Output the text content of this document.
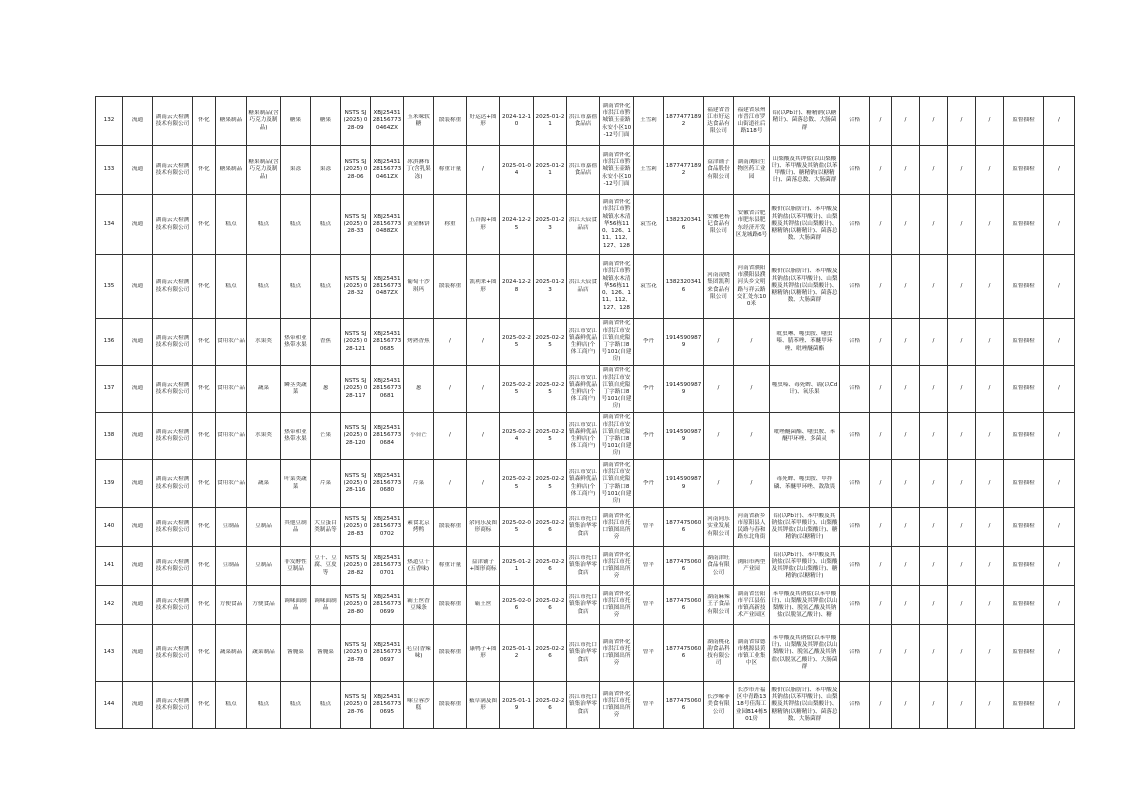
132	流通	湖南云天检测技术有限公司	怀化	糖果制品	糖果制品(含巧克力及制品)	糖果	糖果	NSTS SJ (2025) 028-09	XBJ25431281567730464ZX	玉米味软糖	散装称重	好运达+图形	2024-12-10	2025-01-21	洪江市嘉禧食品店	湖南省怀化市洪江市黔城镇玉壶路永安小区10-12号门面	王雪莉	18774771892	福建省晋江市好运达食品有限公司	福建省泉州市晋江市罗山街道社后路118号	铅(以Pb计)、糖精钠(以糖精计)、菌落总数、大肠菌群	合格	/	/	/	/	/	监督抽检	/

133	流通	湖南云天检测技术有限公司	怀化	糖果制品	糖果制品(含巧克力及制品)	果冻	果冻	NSTS SJ (2025) 028-06	XBJ25431281567730461ZX	冰淇淋布丁(含乳果冻)	称重计量	/	2025-01-04	2025-01-21	洪江市嘉禧食品店	湖南省怀化市洪江市黔城镇玉壶路永安小区10-12号门面	王雪莉	18774771892	益津铺子食品股份有限公司	湖南浏阳生物医药工业园	山梨酸及其钾盐(以山梨酸计)、苯甲酸及其钠盐(以苯甲酸计)、糖精钠(以糖精计)、菌落总数、大肠菌群	合格	/	/	/	/	/	监督抽检	/

134	流通	湖南云天检测技术有限公司	怀化	糕点	糕点	糕点	糕点	NSTS SJ (2025) 028-33	XBJ25431281567730488ZX	黄金酥饼	称重	五谷源+图形	2024-12-25	2025-01-23	洪江天辰食品店	湖南省怀化市洪江市黔城镇水木清华56栋110、126、111、112、127、128	袁雪花	13823203416	安徽老杨记食品有限公司	安徽省合肥市肥东县肥东经济开发区龙城路6号	酸价(以脂肪计)、苯甲酸及其钠盐(以苯甲酸计)、山梨酸及其钾盐(以山梨酸计)、糖精钠(以糖精计)、菌落总数、大肠菌群	合格	/	/	/	/	/	监督抽检	/

135	流通	湖南云天检测技术有限公司	怀化	糕点	糕点	糕点	糕点	NSTS SJ (2025) 028-32	XBJ25431281567730487ZX	葡萄干沙琪玛	散装称重	凯利来+图形	2024-12-28	2025-01-23	洪江天辰食品店	湖南省怀化市洪江市黔城镇水木清华56栋110、126、111、112、127、128	袁雪花	13823203416	河南凌晓集团凯利来食品有限公司	河南省濮阳市濮阳县濮河头乡文明路与祥云路交汇处东100米	酸价(以脂肪计)、苯甲酸及其钠盐(以苯甲酸计)、山梨酸及其钾盐(以山梨酸计)、糖精钠(以糖精计)、菌落总数、大肠菌群	合格	/	/	/	/	/	监督抽检	/

136	流通	湖南云天检测技术有限公司	怀化	食用农产品	水果类	热带和亚热带水果	香蕉	NSTS SJ (2025) 028-121	XBJ25431281567730685	烤熟香蕉	/	/	2025-02-25	2025-02-25	洪江市安江镇森鲜优品生鲜店(个体工商户)	湖南省怀化市洪江市安江镇自虎隘丁字路口8号101(自建房)	李丹	19145909879	/	/	吡虫啉、噻虫胺、噻虫嗪、腈苯唑、苯醚甲环唑、吡唑醚菌酯	合格	/	/	/	/	/	监督抽检	/

137	流通	湖南云天检测技术有限公司	怀化	食用农产品	蔬菜	鳞茎类蔬菜	葱	NSTS SJ (2025) 028-117	XBJ25431281567730681	葱	/	/	2025-02-25	2025-02-25	洪江市安江镇森鲜优品生鲜店(个体工商户)	湖南省怀化市洪江市安江镇自虎隘丁字路口8号101(自建房)	李丹	19145909879	/	/	噻虫嗪、毒死蜱、镉(以Cd计)、氧乐果	合格	/	/	/	/	/	监督抽检	/

138	流通	湖南云天检测技术有限公司	怀化	食用农产品	水果类	热带和亚热带水果	芒果	NSTS SJ (2025) 028-120	XBJ25431281567730684	小台芒	/	/	2025-02-24	2025-02-25	洪江市安江镇森鲜优品生鲜店(个体工商户)	湖南省怀化市洪江市安江镇自虎隘丁字路口8号101(自建房)	李丹	19145909879	/	/	吡唑醚菌酯、噻虫胺、苯醚甲环唑、多菌灵	合格	/	/	/	/	/	监督抽检	/

139	流通	湖南云天检测技术有限公司	怀化	食用农产品	蔬菜	叶菜类蔬菜	芹菜	NSTS SJ (2025) 028-116	XBJ25431281567730680	芹菜	/	/	2025-02-25	2025-02-25	洪江市安江镇森鲜优品生鲜店(个体工商户)	湖南省怀化市洪江市安江镇自虎隘丁字路口8号101(自建房)	李丹	19145909879	/	/	毒死蜱、噻虫胺、甲拌磷、苯醚甲环唑、敌敌畏	合格	/	/	/	/	/	监督抽检	/

140	流通	湖南云天检测技术有限公司	怀化	豆制品	豆制品	其他豆制品	大豆蛋白类制品等	NSTS SJ (2025) 028-83	XBJ25431281567730702	素食北京烤鸭	散装称重	余同乐及图形商标	2025-02-05	2025-02-26	洪江市托口镇集治华零食店	湖南省怀化市洪江市托口镇图出所旁	曾平	18774750606	河南同乐实业发展有限公司	河南省新乡市原阳县人民路与春和路东北角街	铅(以Pb计)、苯甲酸及其钠盐(以苯甲酸计)、山梨酸及其钾盐(以山梨酸计)、糖精钠(以糖精计)	合格	/	/	/	/	/	监督抽检	/

141	流通	湖南云天检测技术有限公司	怀化	豆制品	豆制品	非发酵性豆制品	豆干、豆腐、豆皮等	NSTS SJ (2025) 028-82	XBJ25431281567730701	热道豆干(五香味)	称重计量	益津铺子+图形商标	2025-01-21	2025-02-26	洪江市托口镇集治华零食店	湖南省怀化市洪江市托口镇图出所旁	曾平	18774750606	湖南津旺食品有限公司	浏阳市两型产业园	铅(以Pb计)、苯甲酸及其钠盐(以苯甲酸计)、山梨酸及其钾盐(以山梨酸计)、糖精钠(以糖精计)	合格	/	/	/	/	/	监督抽检	/

142	流通	湖南云天检测技术有限公司	怀化	方便食品	方便食品	调味面制品	调味面制品	NSTS SJ (2025) 028-80	XBJ25431281567730699	霸王丝香豆辣条	散装称重	霸王丝	2025-02-06	2025-02-26	洪江市托口镇集治华零食店	湖南省怀化市洪江市托口镇图出所旁	曾平	18774750606	湖南麻辣王子食品有限公司	湖南省岳阳市平江县伍市镇高新技术产业园区	苯甲酸及其钠盐(以苯甲酸计)、山梨酸及其钾盐(以山梨酸计)、脱氢乙酸及其钠盐(以脱氢乙酸计)、糖	合格	/	/	/	/	/	监督抽检	/

143	流通	湖南云天检测技术有限公司	怀化	蔬菜制品	蔬菜制品	酱腌菜	酱腌菜	NSTS SJ (2025) 028-78	XBJ25431281567730697	毛豆(香辣味)	散装称重	康鸭子+图形	2025-01-12	2025-02-26	洪江市托口镇集治华零食店	湖南省怀化市洪江市托口镇图出所旁	曾平	18774750606	湖南桃花韵食品科技有限公司	湖南省常德市桃源县黄市镇工业集中区	苯甲酸及其钠盐(以苯甲酸计)、山梨酸及其钾盐(以山梨酸计)、脱氢乙酸及其钠盐(以脱氢乙酸计)、大肠菌群	合格	/	/	/	/	/	监督抽检	/

144	流通	湖南云天检测技术有限公司	怀化	糕点	糕点	糕点	糕点	NSTS SJ (2025) 028-76	XBJ25431281567730695	嗦豆蓉沙糕	散装称重	薮草满及图形	2025-01-19	2025-02-26	洪江市托口镇集治华零食店	湖南省怀化市洪江市托口镇图出所旁	曾平	18774750606	长沙嗦菲美食有限公司	长沙市开福区中青路1318号佳海工业园B14栋501房	酸价(以脂肪计)、苯甲酸及其钠盐(以苯甲酸计)、山梨酸及其钾盐(以山梨酸计)、糖精钠(以糖精计)、菌落总数、大肠菌群	合格	/	/	/	/	/	监督抽检	/
